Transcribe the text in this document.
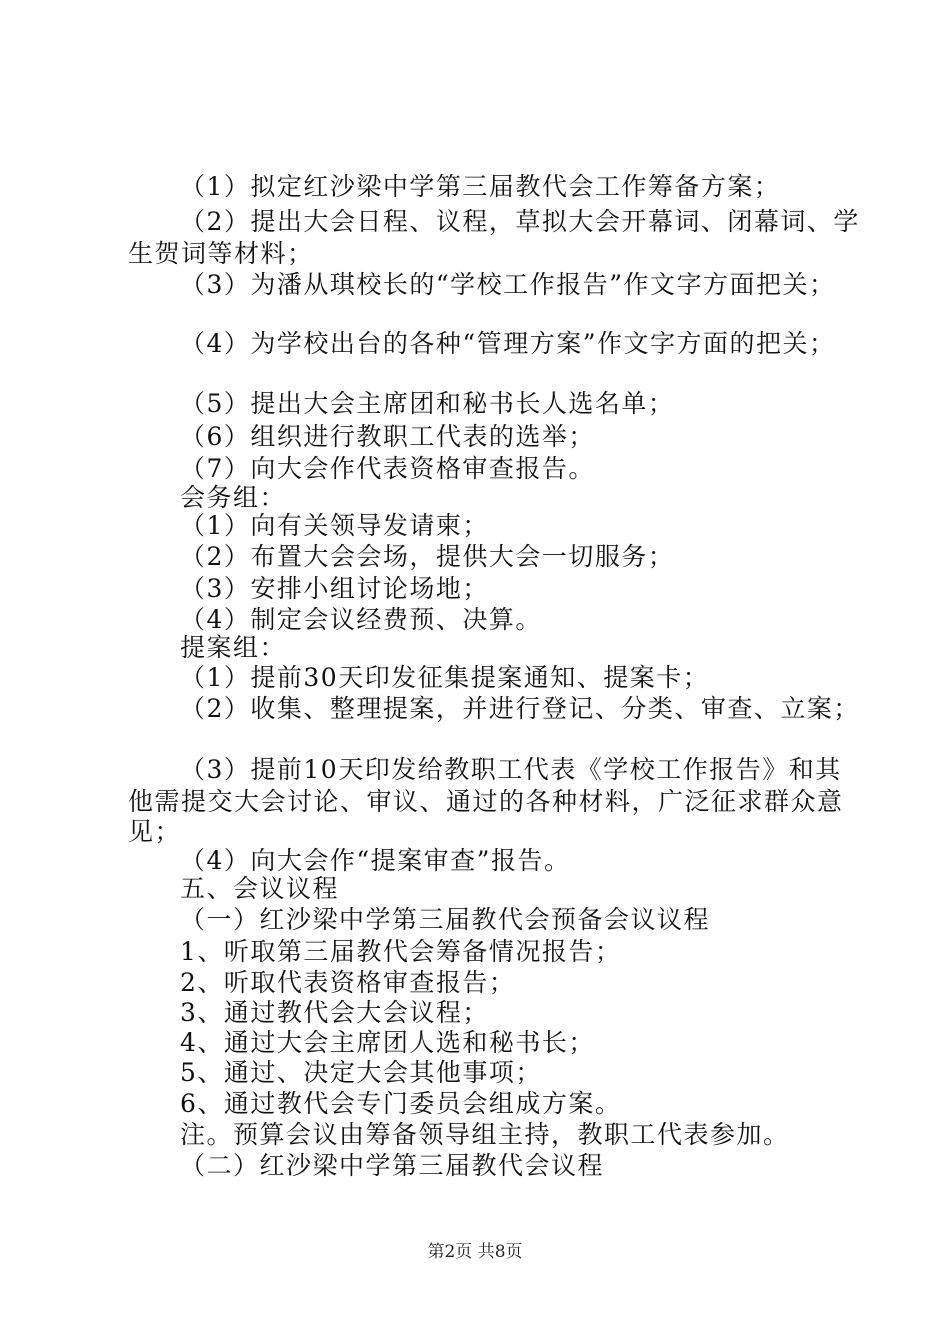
（1）拟定红沙梁中学第三届教代会工作筹备方案；
（2）提出大会日程、议程，草拟大会开幕词、闭幕词、学
生贺词等材料；
（3）为潘从琪校长的“学校工作报告”作文字方面把关；
（4）为学校出台的各种“管理方案”作文字方面的把关；
（5）提出大会主席团和秘书长人选名单；
（6）组织进行教职工代表的选举；
（7）向大会作代表资格审查报告。
会务组：
（1）向有关领导发请柬；
（2）布置大会会场，提供大会一切服务；
（3）安排小组讨论场地；
（4）制定会议经费预、决算。
提案组：
（1）提前30天印发征集提案通知、提案卡；
（2）收集、整理提案，并进行登记、分类、审查、立案；
（3）提前10天印发给教职工代表《学校工作报告》和其
他需提交大会讨论、审议、通过的各种材料，广泛征求群众意
见；
（4）向大会作“提案审查”报告。
五、会议议程
（一）红沙梁中学第三届教代会预备会议议程
1、听取第三届教代会筹备情况报告；
2、听取代表资格审查报告；
3、通过教代会大会议程；
4、通过大会主席团人选和秘书长；
5、通过、决定大会其他事项；
6、通过教代会专门委员会组成方案。
注。预算会议由筹备领导组主持，教职工代表参加。
（二）红沙梁中学第三届教代会议程
第2页 共8页
